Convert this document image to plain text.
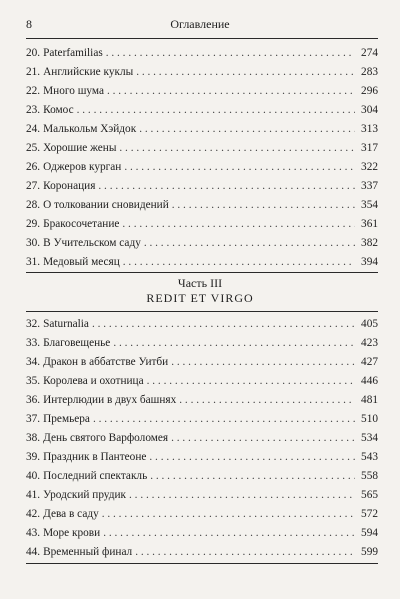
8	Оглавление
20. Paterfamilias . . .	274
21. Английские куклы . . .	283
22. Много шума . . .	296
23. Комос . . .	304
24. Малькольм Хэйдок . . .	313
25. Хорошие жены . . .	317
26. Оджеров курган . . .	322
27. Коронация . . .	337
28. О толковании сновидений . . .	354
29. Бракосочетание . . .	361
30. В Учительском саду . . .	382
31. Медовый месяц . . .	394
Часть III
REDIT ET VIRGO
32. Saturnalia . . .	405
33. Благовещенье . . .	423
34. Дракон в аббатстве Уитби . . .	427
35. Королева и охотница . . .	446
36. Интерлюдии в двух башнях . . .	481
37. Премьера . . .	510
38. День святого Варфоломея . . .	534
39. Праздник в Пантеоне . . .	543
40. Последний спектакль . . .	558
41. Уродский прудик . . .	565
42. Дева в саду . . .	572
43. Море крови . . .	594
44. Временный финал . . .	599
